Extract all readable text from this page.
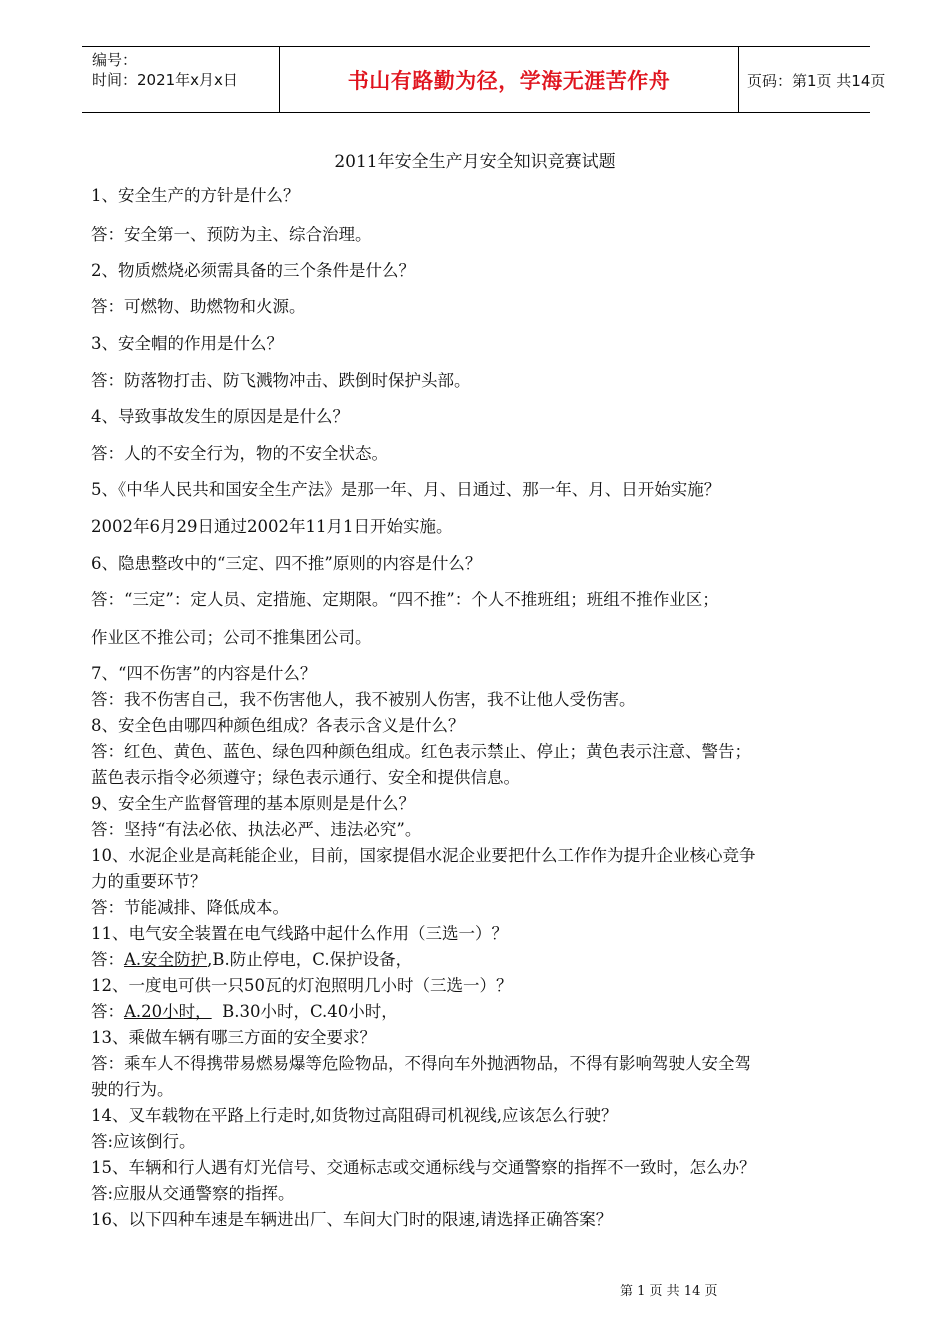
编号：
时间：2021年x月x日	书山有路勤为径，学海无涯苦作舟	页码：第1页 共14页
2011年安全生产月安全知识竞赛试题
1、安全生产的方针是什么？
答：安全第一、预防为主、综合治理。
2、物质燃烧必须需具备的三个条件是什么？
答：可燃物、助燃物和火源。
3、安全帽的作用是什么？
答：防落物打击、防飞溅物冲击、跌倒时保护头部。
4、导致事故发生的原因是是什么？
答：人的不安全行为，物的不安全状态。
5、《中华人民共和国安全生产法》是那一年、月、日通过、那一年、月、日开始实施？
2002年6月29日通过2002年11月1日开始实施。
6、隐患整改中的“三定、四不推”原则的内容是什么？
答：“三定”：定人员、定措施、定期限。“四不推”：个人不推班组；班组不推作业区；
作业区不推公司；公司不推集团公司。
7、“四不伤害”的内容是什么？
答：我不伤害自己，我不伤害他人，我不被别人伤害，我不让他人受伤害。
8、安全色由哪四种颜色组成？各表示含义是什么？
答：红色、黄色、蓝色、绿色四种颜色组成。红色表示禁止、停止；黄色表示注意、警告；
蓝色表示指令必须遵守；绿色表示通行、安全和提供信息。
9、安全生产监督管理的基本原则是是什么？
答：坚持“有法必依、执法必严、违法必究”。
10、水泥企业是高耗能企业，目前，国家提倡水泥企业要把什么工作作为提升企业核心竞争
力的重要环节？
答：节能减排、降低成本。
11、电气安全装置在电气线路中起什么作用（三选一）？
答：A.安全防护,B.防止停电，C.保护设备，
12、一度电可供一只50瓦的灯泡照明几小时（三选一）？
答：A.20小时，  B.30小时，C.40小时，
13、乘做车辆有哪三方面的安全要求？
答：乘车人不得携带易燃易爆等危险物品，不得向车外抛洒物品，不得有影响驾驶人安全驾
驶的行为。
14、叉车载物在平路上行走时,如货物过高阻碍司机视线,应该怎么行驶？
答:应该倒行。
15、车辆和行人遇有灯光信号、交通标志或交通标线与交通警察的指挥不一致时，怎么办？
答:应服从交通警察的指挥。
16、以下四种车速是车辆进出厂、车间大门时的限速,请选择正确答案？
第 1 页 共 14 页
